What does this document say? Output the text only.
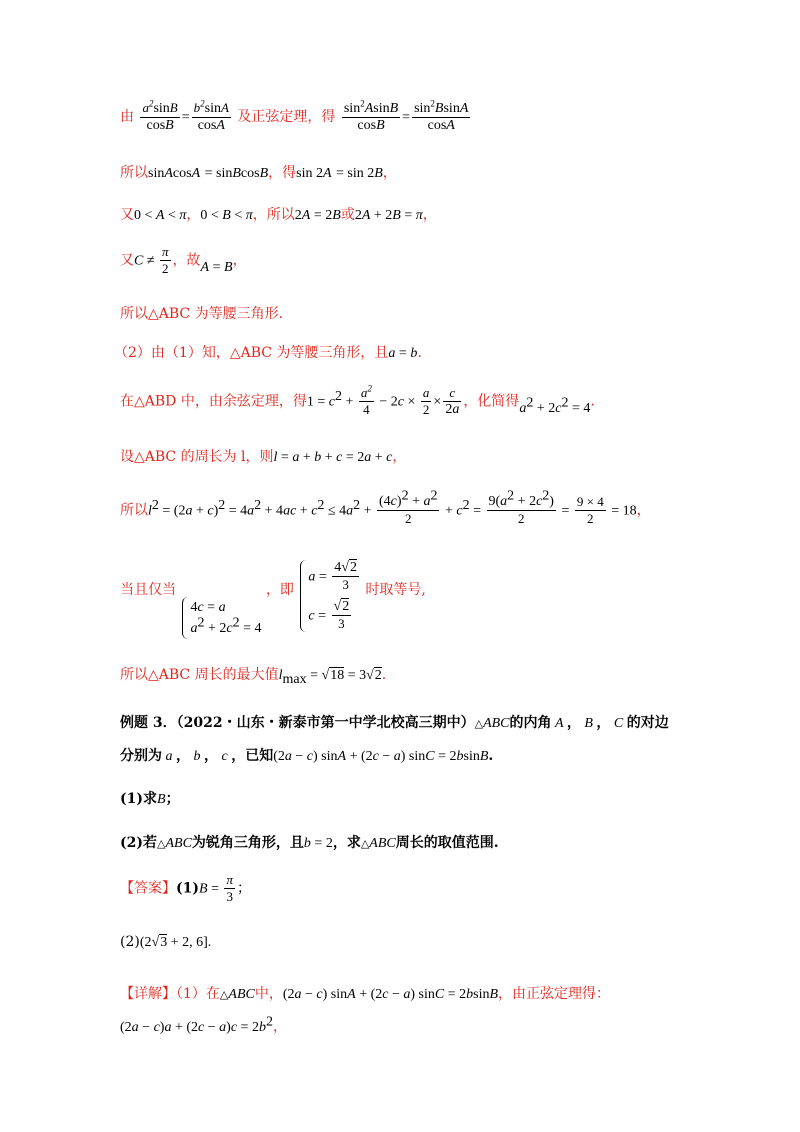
由 $\frac{a^2\sin B}{\cos B} = \frac{b^2\sin A}{\cos A}$ 及正弦定理，得 $\frac{\sin^2AsinB}{\cos B} = \frac{\sin^2BsinA}{\cos A}$
所以sinAcosA = sinBcosB，得sin 2A = sin 2B，
又0 < A < π，0 < B < π，所以2A = 2B或2A + 2B = π，
又$C \ne \frac{\pi}{2}$ ，故A = B，
所以△ABC 为等腰三角形.
（2）由（1）知，△ABC 为等腰三角形，且a = b.
在△ABD 中，由余弦定理，得$1 = c^2 + \frac{a^2}{4} - 2c \times \frac{a}{2} \times \frac{c}{2a}$ ，化简得$a^2 + 2c^2 = 4$.
设△ABC 的周长为 l，则l = a + b + c = 2a + c，
所以$l^2 = (2a + c)^2 = 4a^2 + 4ac + c^2 \le 4a^2 + \frac{(4c)^2 + a^2}{2} + c^2 = \frac{9(a^2 + 2c^2)}{2} = \frac{9 \times 4}{2} = 18$，
当且仅当
4c = a
$a^2 + 2c^2 = 4$
，即
$a = \frac{4√2}{3}$
$c = \frac{√2}{3}$
时取等号,
所以△ABC 周长的最大值$l_{max} = √18 = 3√2$.
例题 3．（2022・山东・新泰市第一中学北校高三期中）△ABC的内角 A ， B ， C 的对边
分别为 a ， b ， c ，已知(2a − c) sinA + (2c − a) sinC = 2bsinB.
(1)求B；
(2)若△ABC为锐角三角形，且b = 2，求△ABC周长的取值范围.
【答案】$(1)B = \frac{\pi}{3}$ ；
(2)(2√3 + 2, 6].
【详解】（1）在△ABC中，(2a − c) sinA + (2c − a) sinC = 2bsinB，由正弦定理得：
$(2a - c)a + (2c - a)c = 2b^2$，
